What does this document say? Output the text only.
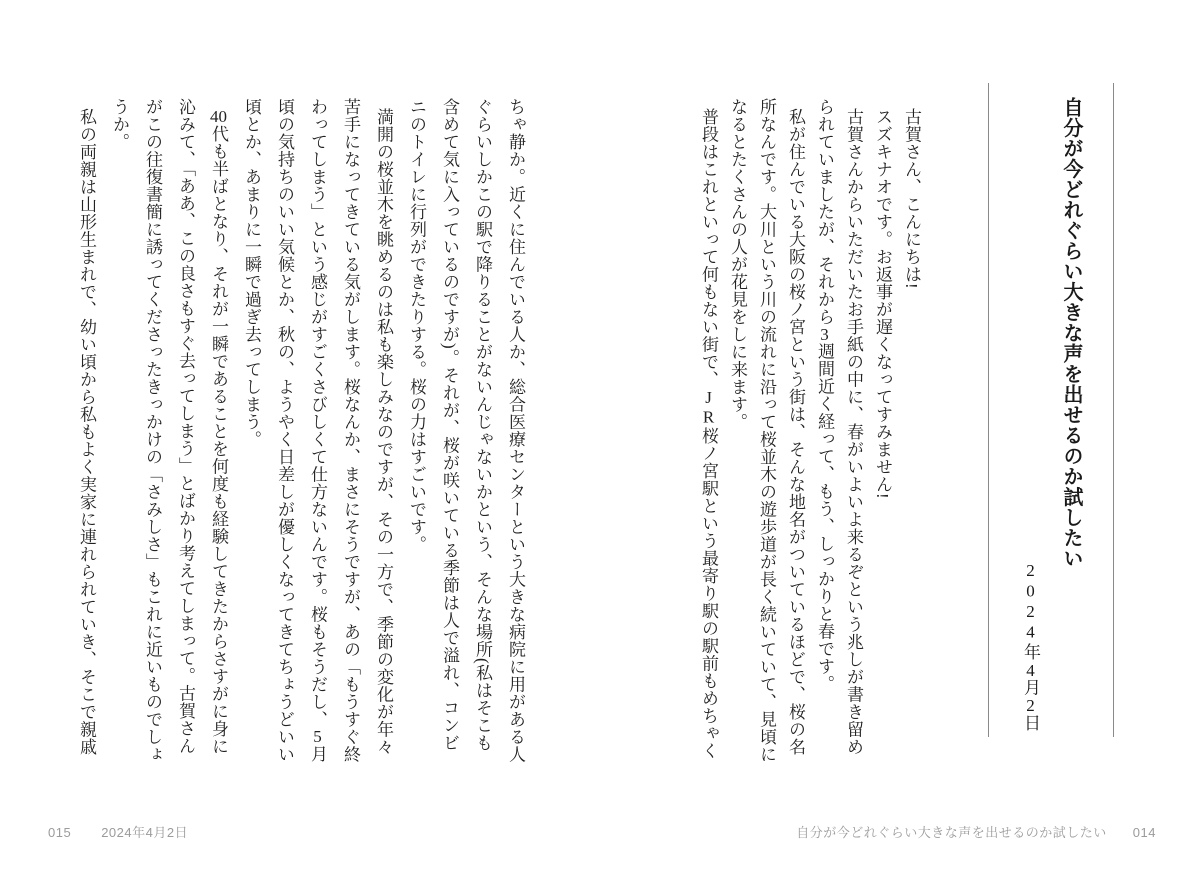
自分が今どれぐらい大きな声を出せるのか試したい
2024年4月2日
古賀さん、こんにちは!
スズキナオです。お返事が遅くなってすみません!
古賀さんからいただいたお手紙の中に、春がいよいよ来るぞという兆しが書き留め
られていましたが、それから3週間近く経って、もう、しっかりと春です。
私が住んでいる大阪の桜ノ宮という街は、そんな地名がついているほどで、桜の名
所なんです。大川という川の流れに沿って桜並木の遊歩道が長く続いていて、見頃に
なるとたくさんの人が花見をしに来ます。
普段はこれといって何もない街で、JR桜ノ宮駅という最寄り駅の駅前もめちゃく
自分が今どれぐらい大きな声を出せるのか試したい 014
ちゃ静か。近くに住んでいる人か、総合医療センターという大きな病院に用がある人
ぐらいしかこの駅で降りることがないんじゃないかという、そんな場所(私はそこも
含めて気に入っているのですが)。それが、桜が咲いている季節は人で溢れ、コンビ
ニのトイレに行列ができたりする。桜の力はすごいです。
満開の桜並木を眺めるのは私も楽しみなのですが、その一方で、季節の変化が年々
苦手になってきている気がします。桜なんか、まさにそうですが、あの「もうすぐ終
わってしまう」という感じがすごくさびしくて仕方ないんです。桜もそうだし、5月
頃の気持ちのいい気候とか、秋の、ようやく日差しが優しくなってきてちょうどいい
頃とか、あまりに一瞬で過ぎ去ってしまう。
40代も半ばとなり、それが一瞬であることを何度も経験してきたからさすがに身に
沁みて、「ああ、この良さもすぐ去ってしまう」とばかり考えてしまって。古賀さん
がこの往復書簡に誘ってくださったきっかけの「さみしさ」もこれに近いものでしょ
うか。
私の両親は山形生まれで、幼い頃から私もよく実家に連れられていき、そこで親戚
015 2024年4月2日
